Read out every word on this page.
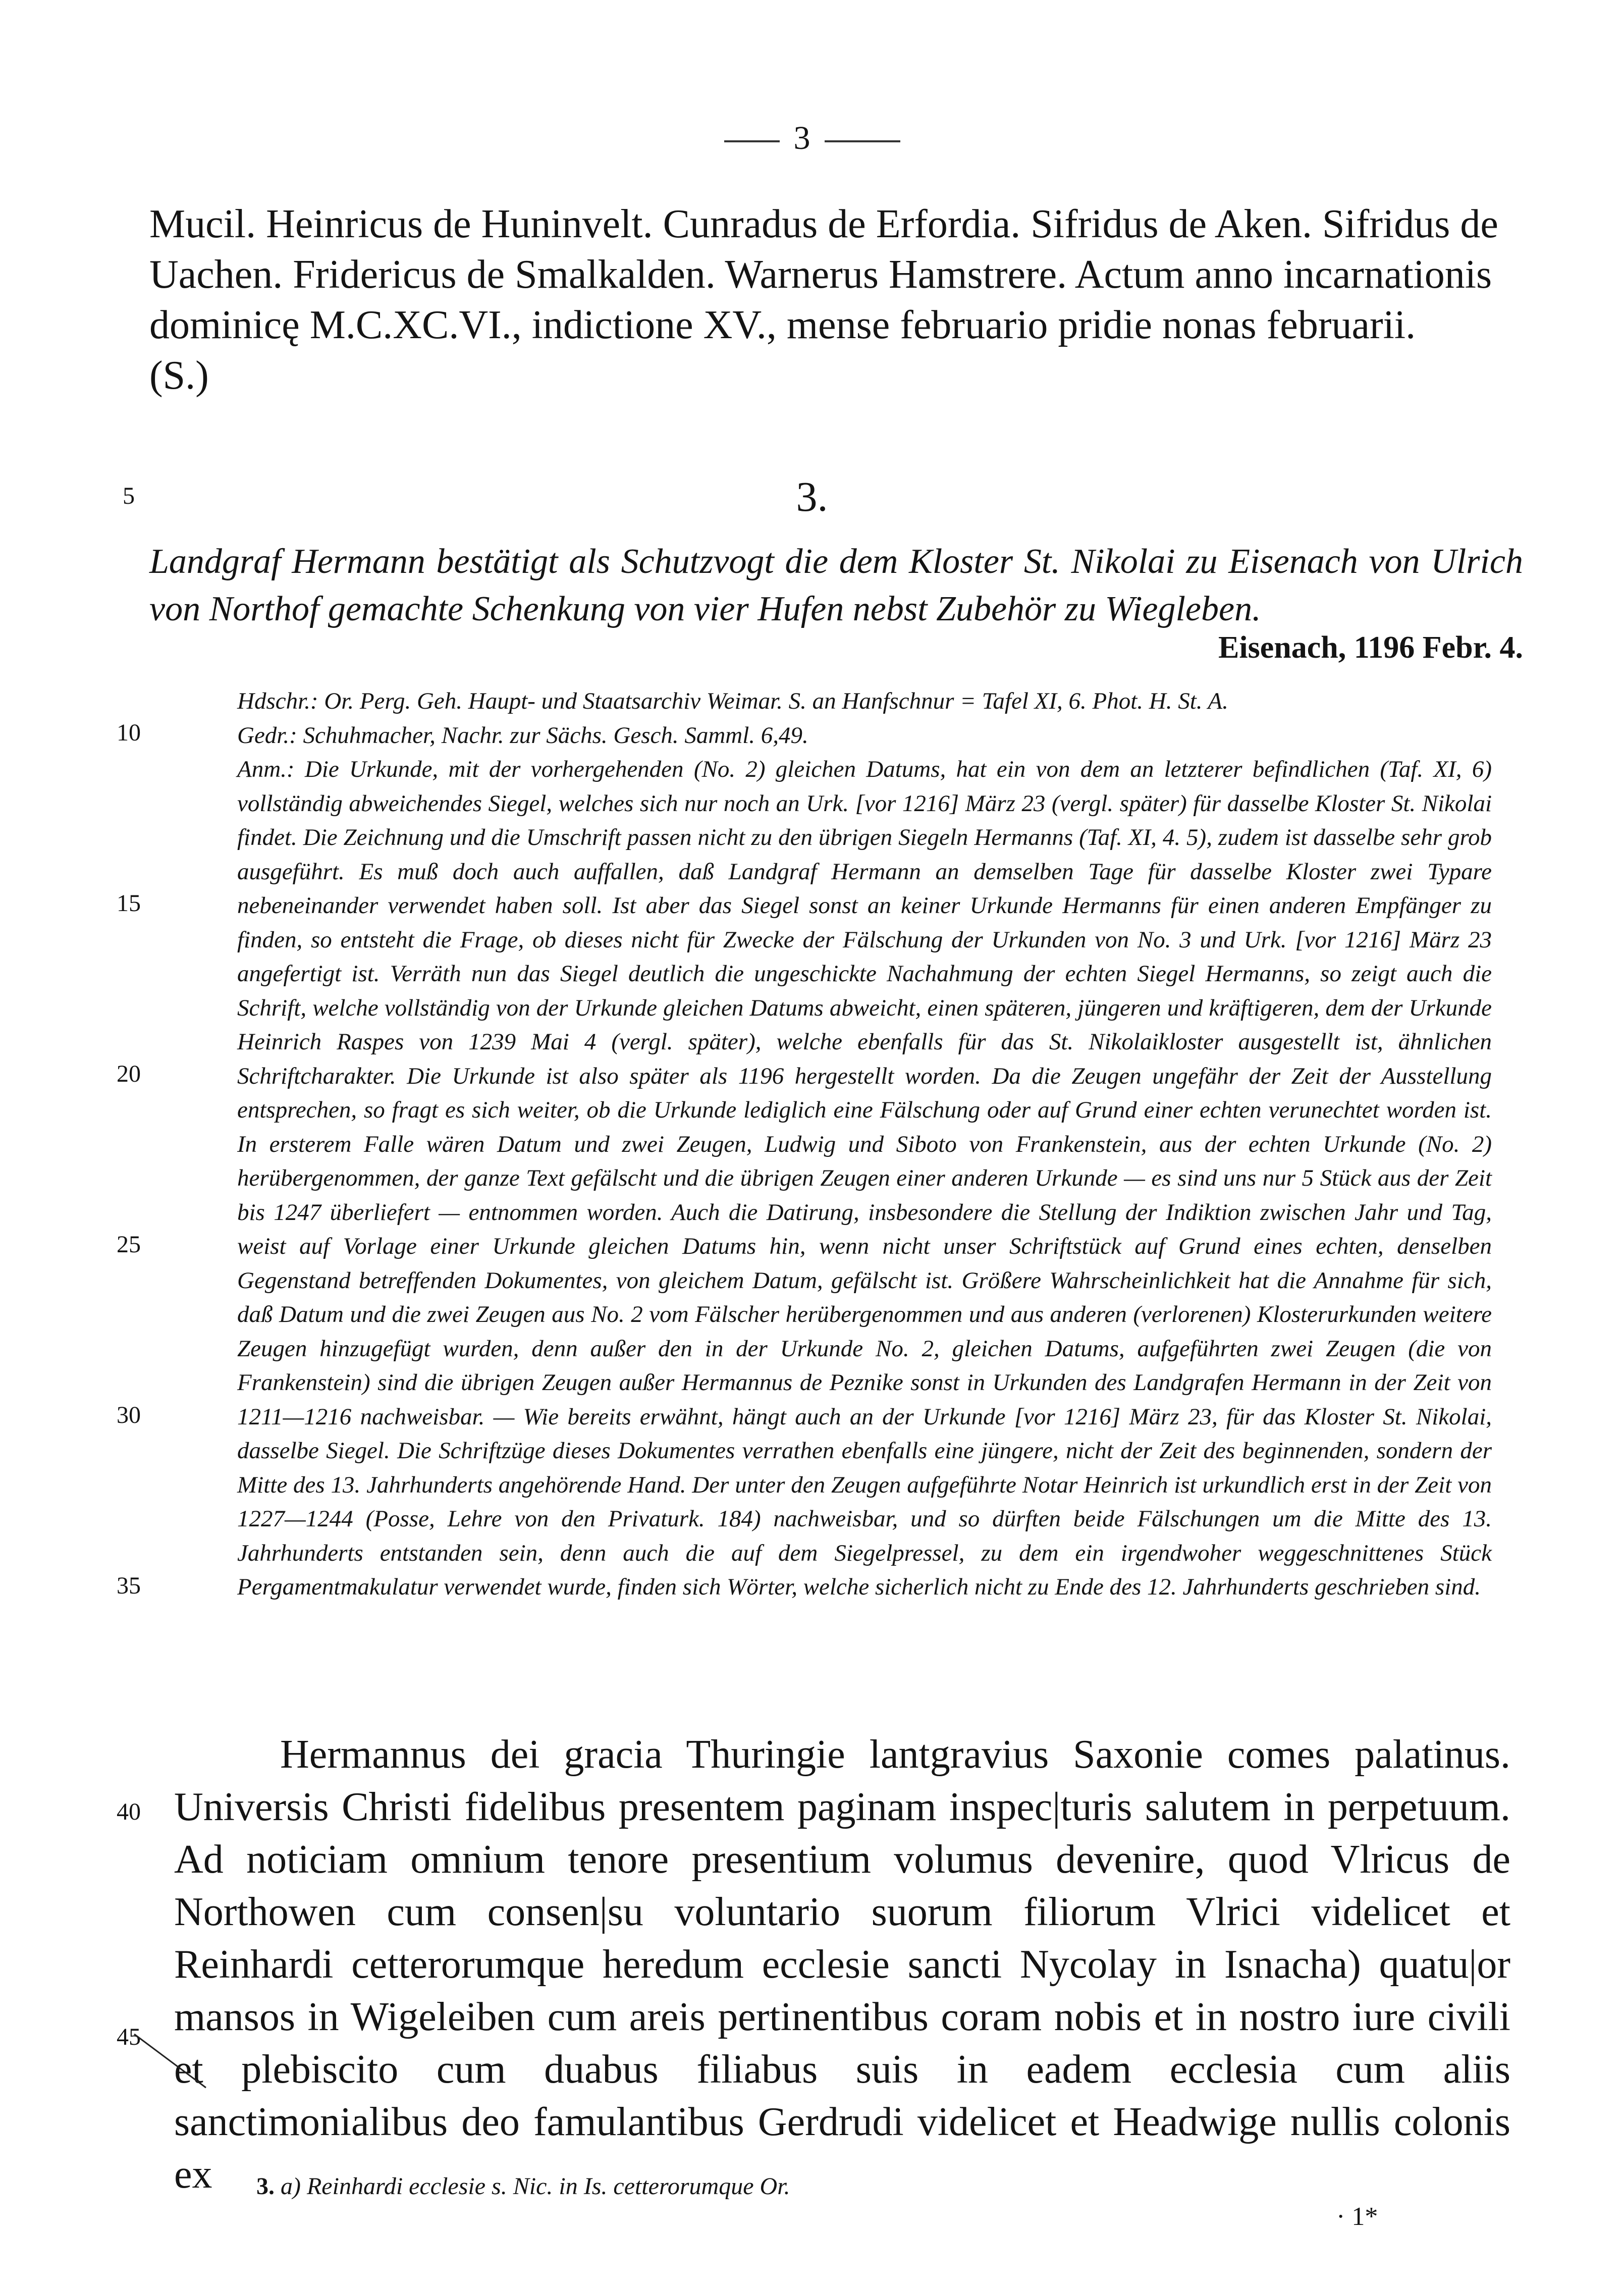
3
Mucil. Heinricus de Huninvelt. Cunradus de Erfordia. Sifridus de Aken. Sifridus de
Uachen. Fridericus de Smalkalden. Warnerus Hamstrere. Actum anno incarnationis
dominicę M.C.XC.VI., indictione XV., mense februario pridie nonas februarii.
(S.)
5
10
15
20
25
30
35
40
45
3.
Landgraf Hermann bestätigt als Schutzvogt die dem Kloster St. Nikolai zu Eisenach von Ulrich von Northof gemachte Schenkung von vier Hufen nebst Zubehör zu Wiegleben.
Eisenach, 1196 Febr. 4.

Hdschr.: Or. Perg. Geh. Haupt- und Staatsarchiv Weimar. S. an Hanfschnur = Tafel XI, 6. Phot. H. St. A.

Gedr.: Schuhmacher, Nachr. zur Sächs. Gesch. Samml. 6,49.

Anm.: Die Urkunde, mit der vorhergehenden (No. 2) gleichen Datums, hat ein von dem an letzterer befindlichen (Taf. XI, 6) vollständig abweichendes Siegel, welches sich nur noch an Urk. [vor 1216] März 23 (vergl. später) für dasselbe Kloster St. Nikolai findet. Die Zeichnung und die Umschrift passen nicht zu den übrigen Siegeln Hermanns (Taf. XI, 4. 5), zudem ist dasselbe sehr grob ausgeführt. Es muß doch auch auffallen, daß Landgraf Hermann an demselben Tage für dasselbe Kloster zwei Typare nebeneinander verwendet haben soll. Ist aber das Siegel sonst an keiner Urkunde Hermanns für einen anderen Empfänger zu finden, so entsteht die Frage, ob dieses nicht für Zwecke der Fälschung der Urkunden von No. 3 und Urk. [vor 1216] März 23 angefertigt ist. Verräth nun das Siegel deutlich die ungeschickte Nachahmung der echten Siegel Hermanns, so zeigt auch die Schrift, welche vollständig von der Urkunde gleichen Datums abweicht, einen späteren, jüngeren und kräftigeren, dem der Urkunde Heinrich Raspes von 1239 Mai 4 (vergl. später), welche ebenfalls für das St. Nikolaikloster ausgestellt ist, ähnlichen Schriftcharakter. Die Urkunde ist also später als 1196 hergestellt worden. Da die Zeugen ungefähr der Zeit der Ausstellung entsprechen, so fragt es sich weiter, ob die Urkunde lediglich eine Fälschung oder auf Grund einer echten verunechtet worden ist. In ersterem Falle wären Datum und zwei Zeugen, Ludwig und Siboto von Frankenstein, aus der echten Urkunde (No. 2) herübergenommen, der ganze Text gefälscht und die übrigen Zeugen einer anderen Urkunde — es sind uns nur 5 Stück aus der Zeit bis 1247 überliefert — entnommen worden. Auch die Datirung, insbesondere die Stellung der Indiktion zwischen Jahr und Tag, weist auf Vorlage einer Urkunde gleichen Datums hin, wenn nicht unser Schriftstück auf Grund eines echten, denselben Gegenstand betreffenden Dokumentes, von gleichem Datum, gefälscht ist. Größere Wahrscheinlichkeit hat die Annahme für sich, daß Datum und die zwei Zeugen aus No. 2 vom Fälscher herübergenommen und aus anderen (verlorenen) Klosterurkunden weitere Zeugen hinzugefügt wurden, denn außer den in der Urkunde No. 2, gleichen Datums, aufgeführten zwei Zeugen (die von Frankenstein) sind die übrigen Zeugen außer Hermannus de Peznike sonst in Urkunden des Landgrafen Hermann in der Zeit von 1211—1216 nachweisbar. — Wie bereits erwähnt, hängt auch an der Urkunde [vor 1216] März 23, für das Kloster St. Nikolai, dasselbe Siegel. Die Schriftzüge dieses Dokumentes verrathen ebenfalls eine jüngere, nicht der Zeit des beginnenden, sondern der Mitte des 13. Jahrhunderts angehörende Hand. Der unter den Zeugen aufgeführte Notar Heinrich ist urkundlich erst in der Zeit von 1227—1244 (Posse, Lehre von den Privaturk. 184) nachweisbar, und so dürften beide Fälschungen um die Mitte des 13. Jahrhunderts entstanden sein, denn auch die auf dem Siegelpressel, zu dem ein irgendwoher weggeschnittenes Stück Pergamentmakulatur verwendet wurde, finden sich Wörter, welche sicherlich nicht zu Ende des 12. Jahrhunderts geschrieben sind.

Hermannus dei gracia Thuringie lantgravius Saxonie comes palatinus. Universis Christi fidelibus presentem paginam inspec|turis salutem in perpetuum. Ad noticiam omnium tenore presentium volumus devenire, quod Vlricus de Northowen cum consen|su voluntario suorum filiorum Vlrici videlicet et Reinhardi cetterorumque heredum ecclesie sancti Nycolay in Isnacha) quatu|or mansos in Wigeleiben cum areis pertinentibus coram nobis et in nostro iure civili et plebiscito cum duabus filiabus suis in eadem ecclesia cum aliis sanctimonialibus deo famulantibus Gerdrudi videlicet et Headwige nullis colonis ex	3. a) Reinhardi ecclesie s. Nic. in Is. cetterorumque Or.
· 1*
